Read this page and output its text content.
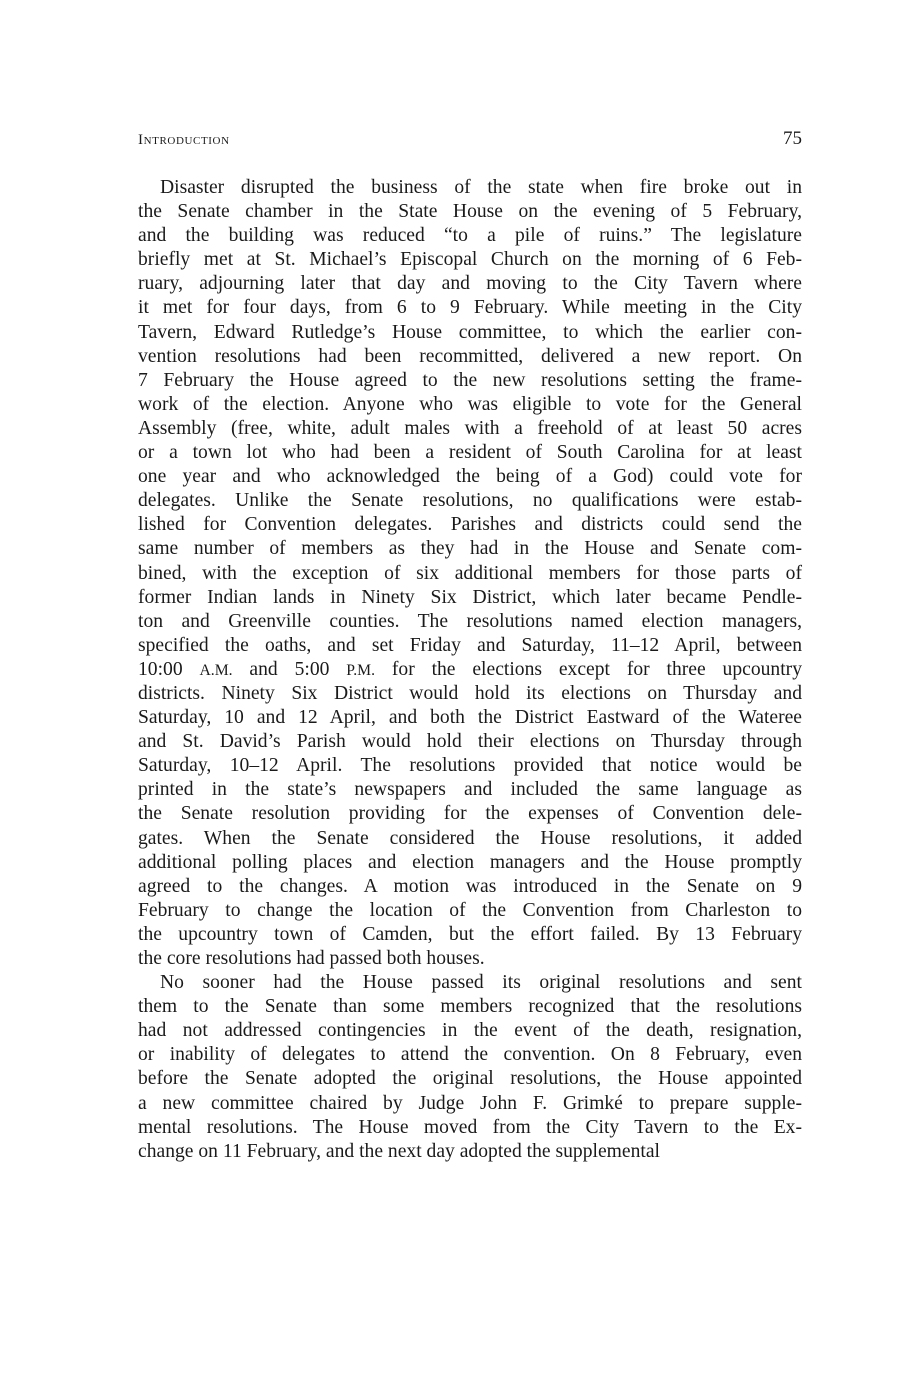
Introduction	75
Disaster disrupted the business of the state when fire broke out in
the Senate chamber in the State House on the evening of 5 February,
and the building was reduced “to a pile of ruins.” The legislature
briefly met at St. Michael’s Episcopal Church on the morning of 6 Feb-
ruary, adjourning later that day and moving to the City Tavern where
it met for four days, from 6 to 9 February. While meeting in the City
Tavern, Edward Rutledge’s House committee, to which the earlier con-
vention resolutions had been recommitted, delivered a new report. On
7 February the House agreed to the new resolutions setting the frame-
work of the election. Anyone who was eligible to vote for the General
Assembly (free, white, adult males with a freehold of at least 50 acres
or a town lot who had been a resident of South Carolina for at least
one year and who acknowledged the being of a God) could vote for
delegates. Unlike the Senate resolutions, no qualifications were estab-
lished for Convention delegates. Parishes and districts could send the
same number of members as they had in the House and Senate com-
bined, with the exception of six additional members for those parts of
former Indian lands in Ninety Six District, which later became Pendle-
ton and Greenville counties. The resolutions named election managers,
specified the oaths, and set Friday and Saturday, 11–12 April, between
10:00 A.M. and 5:00 P.M. for the elections except for three upcountry
districts. Ninety Six District would hold its elections on Thursday and
Saturday, 10 and 12 April, and both the District Eastward of the Wateree
and St. David’s Parish would hold their elections on Thursday through
Saturday, 10–12 April. The resolutions provided that notice would be
printed in the state’s newspapers and included the same language as
the Senate resolution providing for the expenses of Convention dele-
gates. When the Senate considered the House resolutions, it added
additional polling places and election managers and the House promptly
agreed to the changes. A motion was introduced in the Senate on 9
February to change the location of the Convention from Charleston to
the upcountry town of Camden, but the effort failed. By 13 February
the core resolutions had passed both houses.
No sooner had the House passed its original resolutions and sent
them to the Senate than some members recognized that the resolutions
had not addressed contingencies in the event of the death, resignation,
or inability of delegates to attend the convention. On 8 February, even
before the Senate adopted the original resolutions, the House appointed
a new committee chaired by Judge John F. Grimké to prepare supple-
mental resolutions. The House moved from the City Tavern to the Ex-
change on 11 February, and the next day adopted the supplemental
